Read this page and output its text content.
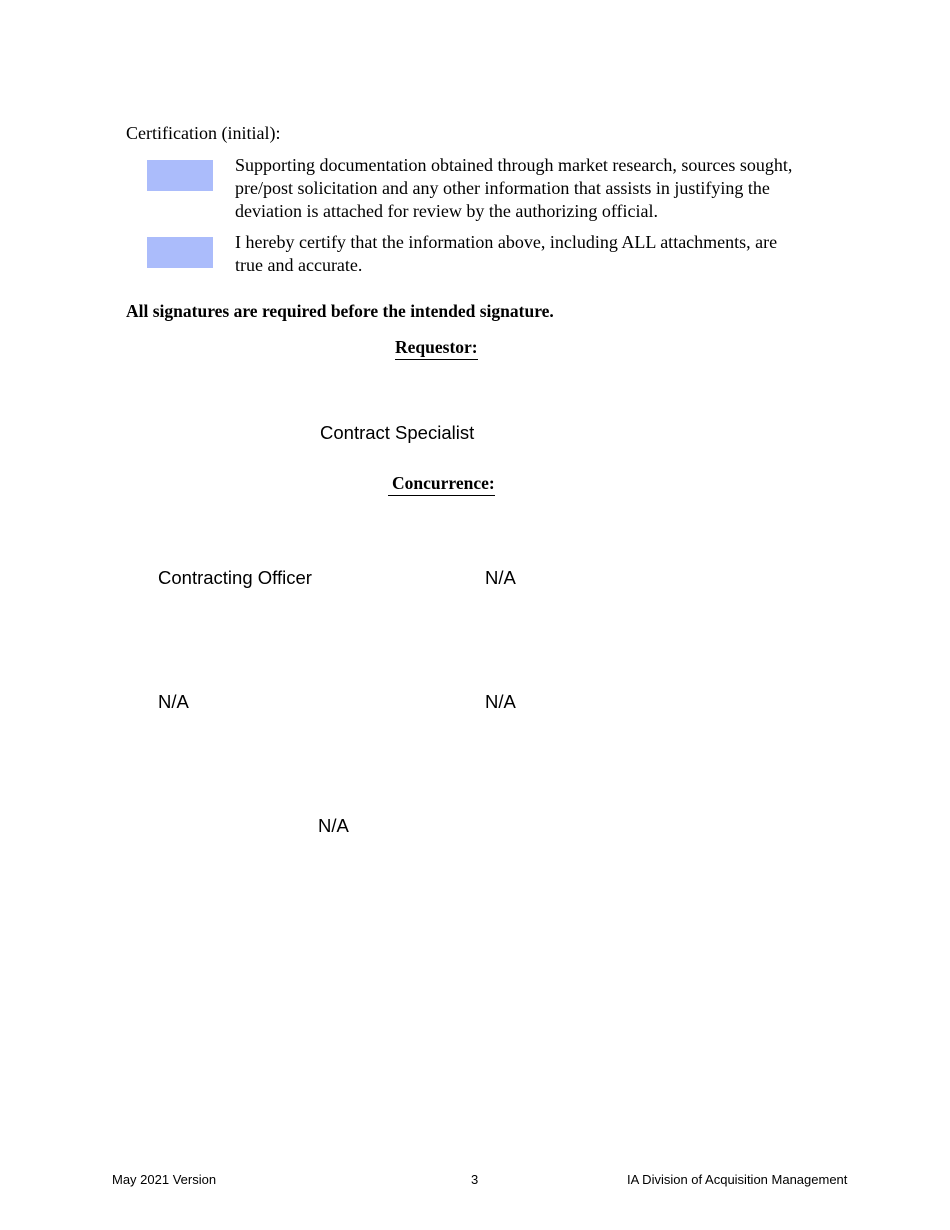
Certification (initial):
Supporting documentation obtained through market research, sources sought, pre/post solicitation and any other information that assists in justifying the deviation is attached for review by the authorizing official.
I hereby certify that the information above, including ALL attachments, are true and accurate.
All signatures are required before the intended signature.
Requestor:
Contract Specialist
Concurrence:
Contracting Officer	N/A
N/A	N/A
N/A
May 2021 Version	3	IA Division of Acquisition Management
